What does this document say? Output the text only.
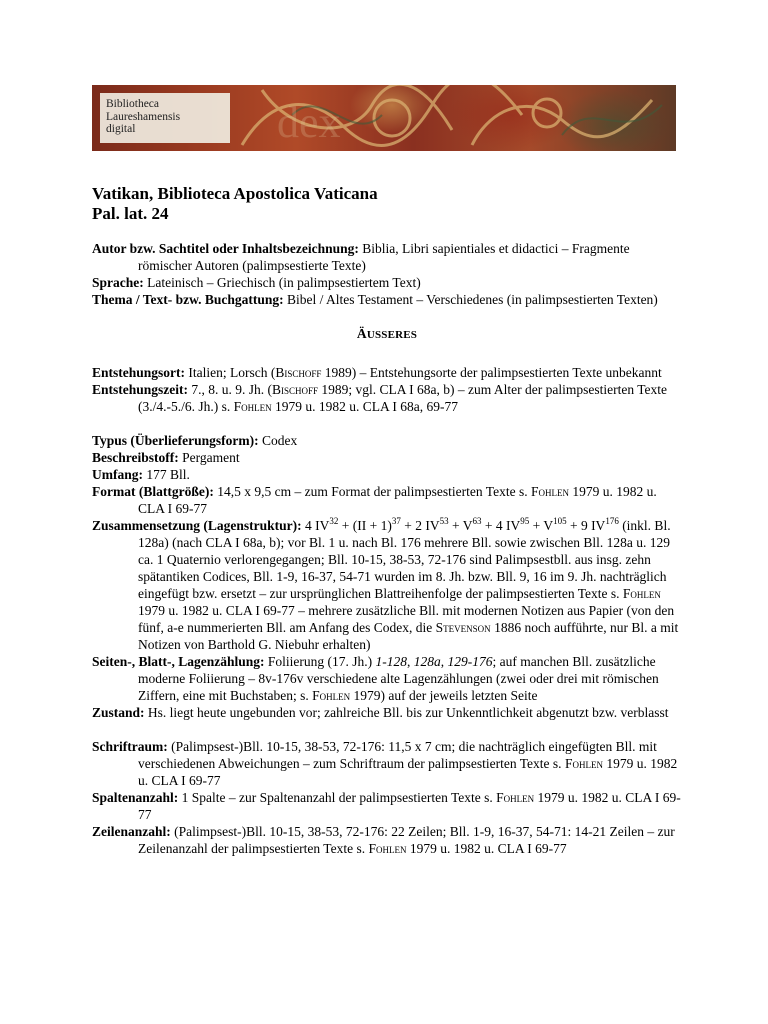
dex
Bibliotheca
Laureshamensis
digital
Vatikan, Biblioteca Apostolica Vaticana
Pal. lat. 24
Autor bzw. Sachtitel oder Inhaltsbezeichnung: Biblia, Libri sapientiales et didactici – Fragmente römischer Autoren (palimpsestierte Texte)
Sprache: Lateinisch – Griechisch (in palimpsestiertem Text)
Thema / Text- bzw. Buchgattung: Bibel / Altes Testament – Verschiedenes (in palimpsestierten Texten)
ÄUSSERES
Entstehungsort: Italien; Lorsch (Bischoff 1989) – Entstehungsorte der palimpsestierten Texte unbekannt
Entstehungszeit: 7., 8. u. 9. Jh. (Bischoff 1989; vgl. CLA I 68a, b) – zum Alter der palimpsestierten Texte (3./4.-5./6. Jh.) s. Fohlen 1979 u. 1982 u. CLA I 68a, 69-77
Typus (Überlieferungsform): Codex
Beschreibstoff: Pergament
Umfang: 177 Bll.
Format (Blattgröße): 14,5 x 9,5 cm – zum Format der palimpsestierten Texte s. Fohlen 1979 u. 1982 u. CLA I 69-77
Zusammensetzung (Lagenstruktur): 4 $IV^{32} + (II + 1)^{37} + 2$ $IV^{53} + V^{63} + 4$ $IV^{95} + V^{105} + 9$ IV$^{176}$ (inkl. Bl. 128a) (nach CLA I 68a, b); vor Bl. 1 u. nach Bl. 176 mehrere Bll. sowie zwischen Bll. 128a u. 129 ca. 1 Quaternio verlorengegangen; Bll. 10-15, 38-53, 72-176 sind Palimpsestbll. aus insg. zehn spätantiken Codices, Bll. 1-9, 16-37, 54-71 wurden im 8. Jh. bzw. Bll. 9, 16 im 9. Jh. nachträglich eingefügt bzw. ersetzt – zur ursprünglichen Blattreihenfolge der palimpsestierten Texte s. Fohlen 1979 u. 1982 u. CLA I 69-77 – mehrere zusätzliche Bll. mit modernen Notizen aus Papier (von den fünf, a-e nummerierten Bll. am Anfang des Codex, die Stevenson 1886 noch aufführte, nur Bl. a mit Notizen von Barthold G. Niebuhr erhalten)
Seiten-, Blatt-, Lagenzählung: Foliierung (17. Jh.) 1-128, 128a, 129-176; auf manchen Bll. zusätzliche moderne Foliierung – 8v-176v verschiedene alte Lagenzählungen (zwei oder drei mit römischen Ziffern, eine mit Buchstaben; s. Fohlen 1979) auf der jeweils letzten Seite
Zustand: Hs. liegt heute ungebunden vor; zahlreiche Bll. bis zur Unkenntlichkeit abgenutzt bzw. verblasst
Schriftraum: (Palimpsest-)Bll. 10-15, 38-53, 72-176: 11,5 x 7 cm; die nachträglich eingefügten Bll. mit verschiedenen Abweichungen – zum Schriftraum der palimpsestierten Texte s. Fohlen 1979 u. 1982 u. CLA I 69-77
Spaltenanzahl: 1 Spalte – zur Spaltenanzahl der palimpsestierten Texte s. Fohlen 1979 u. 1982 u. CLA I 69-77
Zeilenanzahl: (Palimpsest-)Bll. 10-15, 38-53, 72-176: 22 Zeilen; Bll. 1-9, 16-37, 54-71: 14-21 Zeilen – zur Zeilenanzahl der palimpsestierten Texte s. Fohlen 1979 u. 1982 u. CLA I 69-77
